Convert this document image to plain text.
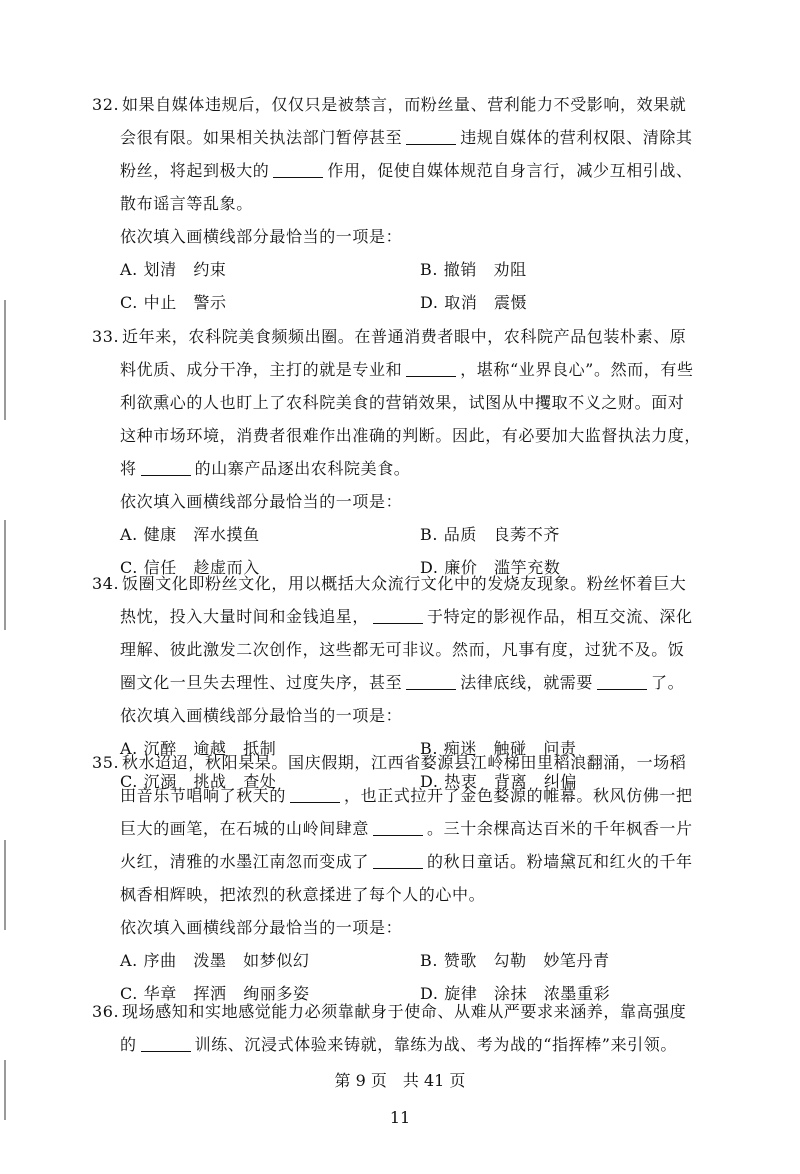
32. 如果自媒体违规后，仅仅只是被禁言，而粉丝量、营利能力不受影响，效果就
会很有限。如果相关执法部门暂停甚至	违规自媒体的营利权限、清除其
粉丝，将起到极大的	作用，促使自媒体规范自身言行，减少互相引战、
散布谣言等乱象。
依次填入画横线部分最恰当的一项是：
A. 划清　约束	B. 撤销　劝阻
C. 中止　警示	D. 取消　震慑
33. 近年来，农科院美食频频出圈。在普通消费者眼中，农科院产品包装朴素、原
料优质、成分干净，主打的就是专业和	，堪称“业界良心”。然而，有些
利欲熏心的人也盯上了农科院美食的营销效果，试图从中攫取不义之财。面对
这种市场环境，消费者很难作出准确的判断。因此，有必要加大监督执法力度，
将	的山寨产品逐出农科院美食。
依次填入画横线部分最恰当的一项是：
A. 健康　浑水摸鱼	B. 品质　良莠不齐
C. 信任　趁虚而入	D. 廉价　滥竽充数
34. 饭圈文化即粉丝文化，用以概括大众流行文化中的发烧友现象。粉丝怀着巨大
热忱，投入大量时间和金钱追星，	于特定的影视作品，相互交流、深化
理解、彼此激发二次创作，这些都无可非议。然而，凡事有度，过犹不及。饭
圈文化一旦失去理性、过度失序，甚至	法律底线，就需要	了。
依次填入画横线部分最恰当的一项是：
A. 沉醉　逾越　抵制	B. 痴迷　触碰　问责
C. 沉溺　挑战　查处	D. 热衷　背离　纠偏
35. 秋水迢迢，秋阳杲杲。国庆假期，江西省婺源县江岭梯田里稻浪翻涌，一场稻
田音乐节唱响了秋天的	，也正式拉开了金色婺源的帷幕。秋风仿佛一把
巨大的画笔，在石城的山岭间肆意	。三十余棵高达百米的千年枫香一片
火红，清雅的水墨江南忽而变成了	的秋日童话。粉墙黛瓦和红火的千年
枫香相辉映，把浓烈的秋意揉进了每个人的心中。
依次填入画横线部分最恰当的一项是：
A. 序曲　泼墨　如梦似幻	B. 赞歌　勾勒　妙笔丹青
C. 华章　挥洒　绚丽多姿	D. 旋律　涂抹　浓墨重彩
36. 现场感知和实地感觉能力必须靠献身于使命、从难从严要求来涵养，靠高强度
的	训练、沉浸式体验来铸就，靠练为战、考为战的“指挥棒”来引领。
第 9 页　共 41 页
11
